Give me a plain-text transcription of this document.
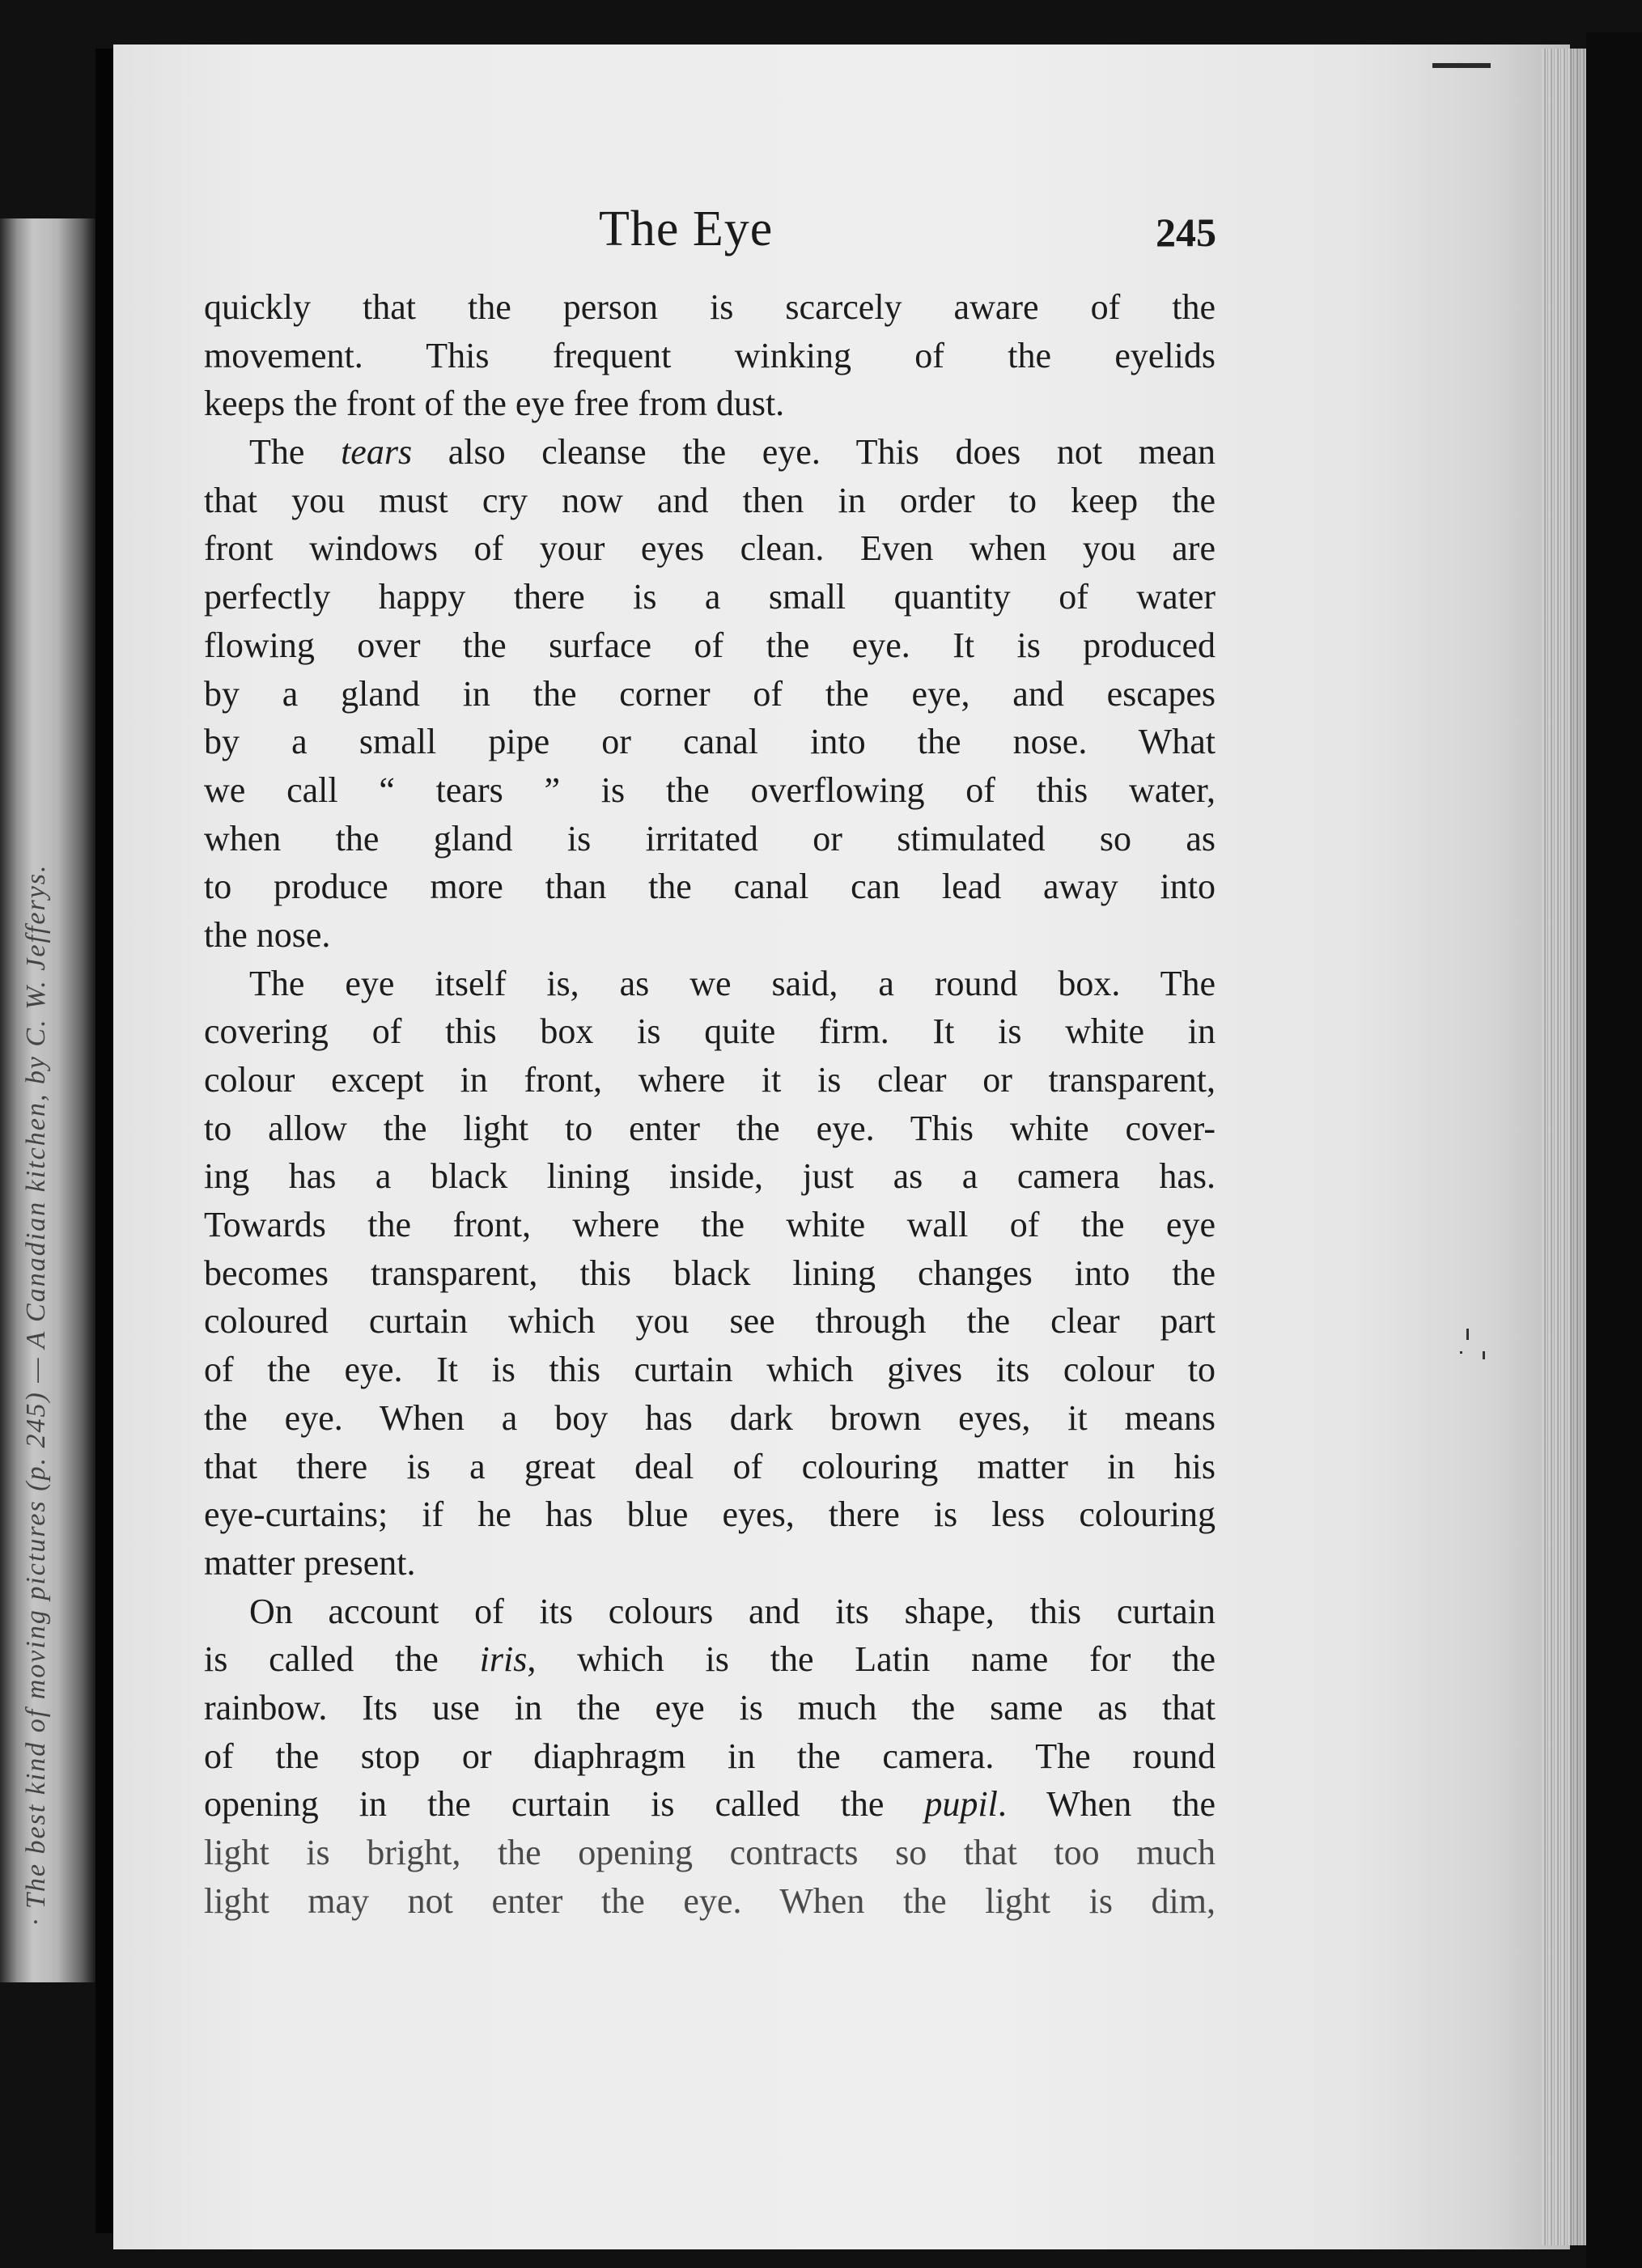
· The best kind of moving pictures (p. 245) — A Canadian kitchen, by C. W. Jefferys.
The Eye	245
quickly that the person is scarcely aware of the
movement. This frequent winking of the eyelids
keeps the front of the eye free from dust.
The tears also cleanse the eye. This does not mean
that you must cry now and then in order to keep the
front windows of your eyes clean. Even when you are
perfectly happy there is a small quantity of water
flowing over the surface of the eye. It is produced
by a gland in the corner of the eye, and escapes
by a small pipe or canal into the nose. What
we call “ tears ” is the overflowing of this water,
when the gland is irritated or stimulated so as
to produce more than the canal can lead away into
the nose.
The eye itself is, as we said, a round box. The
covering of this box is quite firm. It is white in
colour except in front, where it is clear or transparent,
to allow the light to enter the eye. This white cover-
ing has a black lining inside, just as a camera has.
Towards the front, where the white wall of the eye
becomes transparent, this black lining changes into the
coloured curtain which you see through the clear part
of the eye. It is this curtain which gives its colour to
the eye. When a boy has dark brown eyes, it means
that there is a great deal of colouring matter in his
eye-curtains; if he has blue eyes, there is less colouring
matter present.
On account of its colours and its shape, this curtain
is called the iris, which is the Latin name for the
rainbow. Its use in the eye is much the same as that
of the stop or diaphragm in the camera. The round
opening in the curtain is called the pupil. When the
light is bright, the opening contracts so that too much
light may not enter the eye. When the light is dim,
